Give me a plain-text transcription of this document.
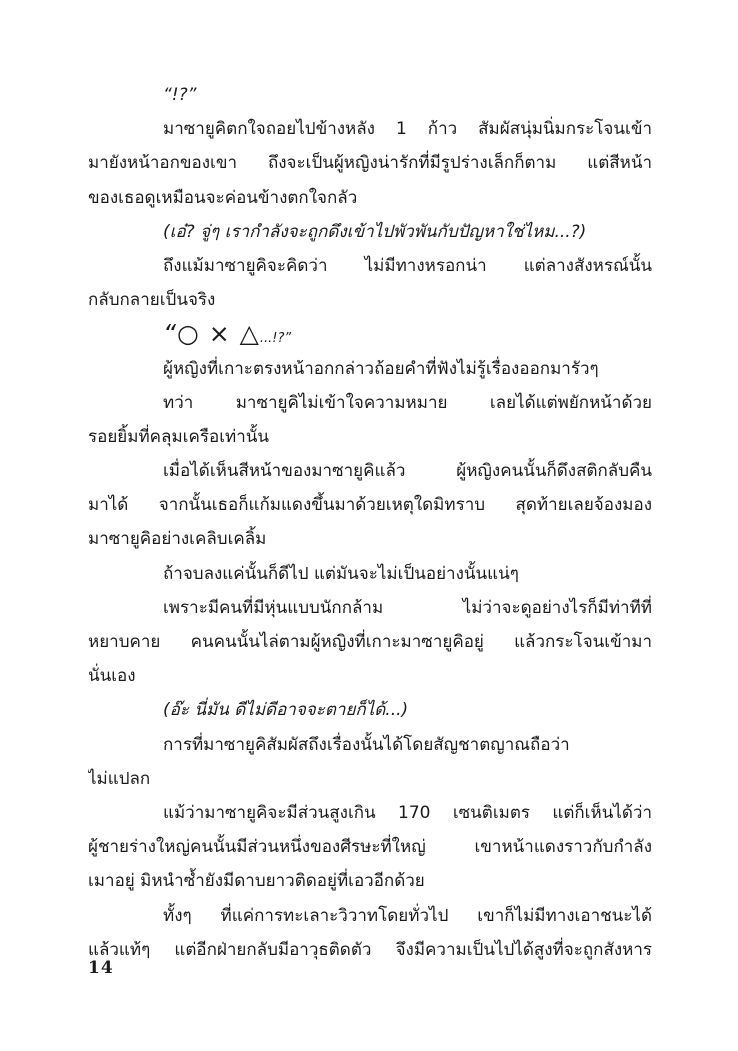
“!?”
มาซายูคิตกใจถอยไปข้างหลัง 1 ก้าว สัมผัสนุ่มนิ่มกระโจนเข้า
มายังหน้าอกของเขา ถึงจะเป็นผู้หญิงน่ารักที่มีรูปร่างเล็กก็ตาม แต่สีหน้า
ของเธอดูเหมือนจะค่อนข้างตกใจกลัว
(เอ๋? จู่ๆ เรากำลังจะถูกดึงเข้าไปพัวพันกับปัญหาใช่ไหม...?)
ถึงแม้มาซายูคิจะคิดว่า ไม่มีทางหรอกน่า แต่ลางสังหรณ์นั้น
กลับกลายเป็นจริง
“○ × △...!?”
ผู้หญิงที่เกาะตรงหน้าอกกล่าวถ้อยคำที่ฟังไม่รู้เรื่องออกมารัวๆ
ทว่า มาซายูคิไม่เข้าใจความหมาย เลยได้แต่พยักหน้าด้วย
รอยยิ้มที่คลุมเครือเท่านั้น
เมื่อได้เห็นสีหน้าของมาซายูคิแล้ว ผู้หญิงคนนั้นก็ดึงสติกลับคืน
มาได้ จากนั้นเธอก็แก้มแดงขึ้นมาด้วยเหตุใดมิทราบ สุดท้ายเลยจ้องมอง
มาซายูคิอย่างเคลิบเคลิ้ม
ถ้าจบลงแค่นั้นก็ดีไป แต่มันจะไม่เป็นอย่างนั้นแน่ๆ
เพราะมีคนที่มีหุ่นแบบนักกล้าม ไม่ว่าจะดูอย่างไรก็มีท่าทีที่
หยาบคาย คนคนนั้นไล่ตามผู้หญิงที่เกาะมาซายูคิอยู่ แล้วกระโจนเข้ามา
นั่นเอง
(อ๊ะ นี่มัน ดีไม่ดีอาจจะตายก็ได้...)
การที่มาซายูคิสัมผัสถึงเรื่องนั้นได้โดยสัญชาตญาณถือว่า
ไม่แปลก
แม้ว่ามาซายูคิจะมีส่วนสูงเกิน 170 เซนติเมตร แต่ก็เห็นได้ว่า
ผู้ชายร่างใหญ่คนนั้นมีส่วนหนึ่งของศีรษะที่ใหญ่ เขาหน้าแดงราวกับกำลัง
เมาอยู่ มิหนำซ้ำยังมีดาบยาวติดอยู่ที่เอวอีกด้วย
ทั้งๆ ที่แค่การทะเลาะวิวาทโดยทั่วไป เขาก็ไม่มีทางเอาชนะได้
แล้วแท้ๆ แต่อีกฝ่ายกลับมีอาวุธติดตัว จึงมีความเป็นไปได้สูงที่จะถูกสังหาร
14
